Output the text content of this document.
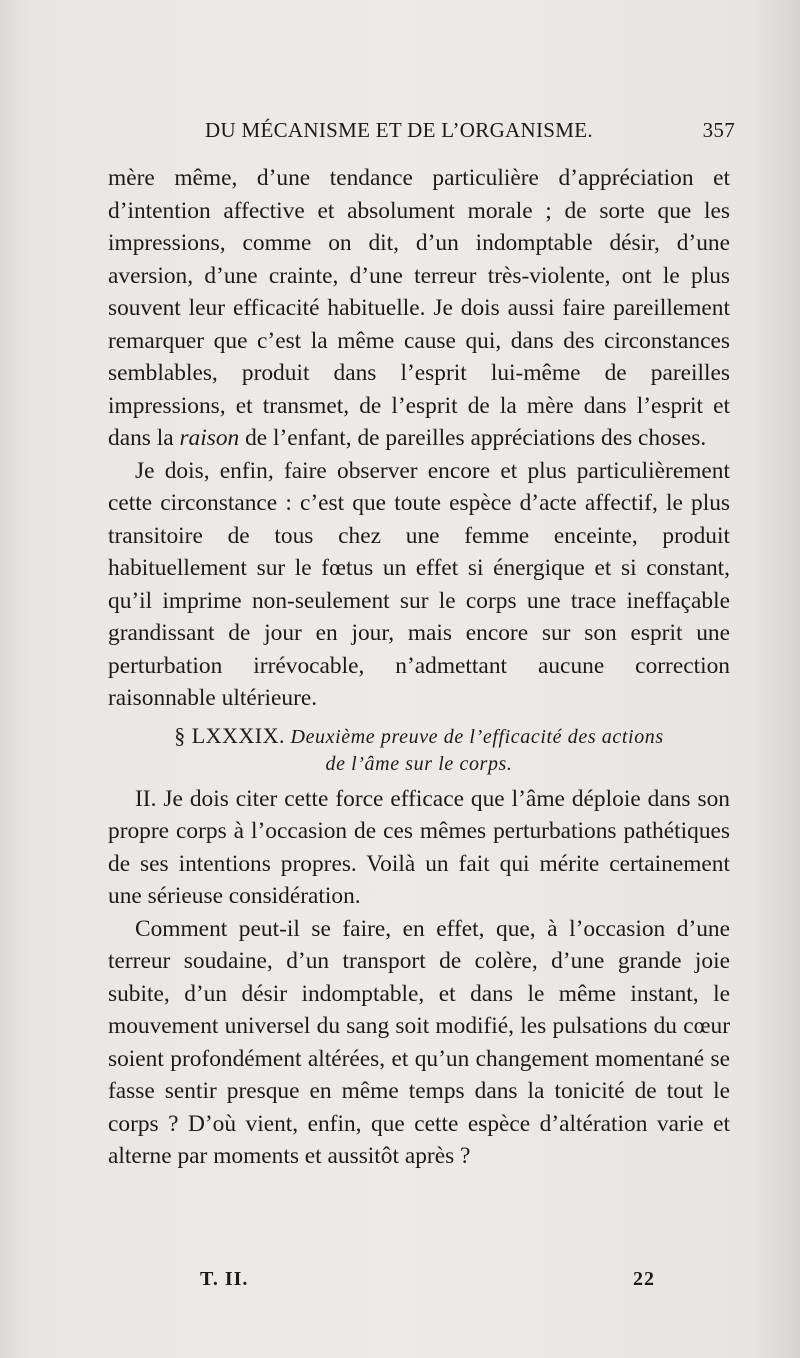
DU MÉCANISME ET DE L’ORGANISME.	357

mère même, d’une tendance particulière d’appréciation et d’intention affective et absolument morale ; de sorte que les impressions, comme on dit, d’un indomptable désir, d’une aversion, d’une crainte, d’une terreur très-violente, ont le plus souvent leur efficacité habituelle. Je dois aussi faire pareillement remarquer que c’est la même cause qui, dans des circonstances semblables, produit dans l’esprit lui-même de pareilles impressions, et transmet, de l’esprit de la mère dans l’esprit et dans la raison de l’enfant, de pareilles appréciations des choses.

Je dois, enfin, faire observer encore et plus particulièrement cette circonstance : c’est que toute espèce d’acte affectif, le plus transitoire de tous chez une femme enceinte, produit habituellement sur le fœtus un effet si énergique et si constant, qu’il imprime non-seulement sur le corps une trace ineffaçable grandissant de jour en jour, mais encore sur son esprit une perturbation irrévocable, n’admettant aucune correction raisonnable ultérieure.

§ LXXXIX. Deuxième preuve de l’efficacité des actions
de l’âme sur le corps.

II. Je dois citer cette force efficace que l’âme déploie dans son propre corps à l’occasion de ces mêmes perturbations pathétiques de ses intentions propres. Voilà un fait qui mérite certainement une sérieuse considération.

Comment peut-il se faire, en effet, que, à l’occasion d’une terreur soudaine, d’un transport de colère, d’une grande joie subite, d’un désir indomptable, et dans le même instant, le mouvement universel du sang soit modifié, les pulsations du cœur soient profondément altérées, et qu’un changement momentané se fasse sentir presque en même temps dans la tonicité de tout le corps ? D’où vient, enfin, que cette espèce d’altération varie et alterne par moments et aussitôt après ?

T. II.	22
